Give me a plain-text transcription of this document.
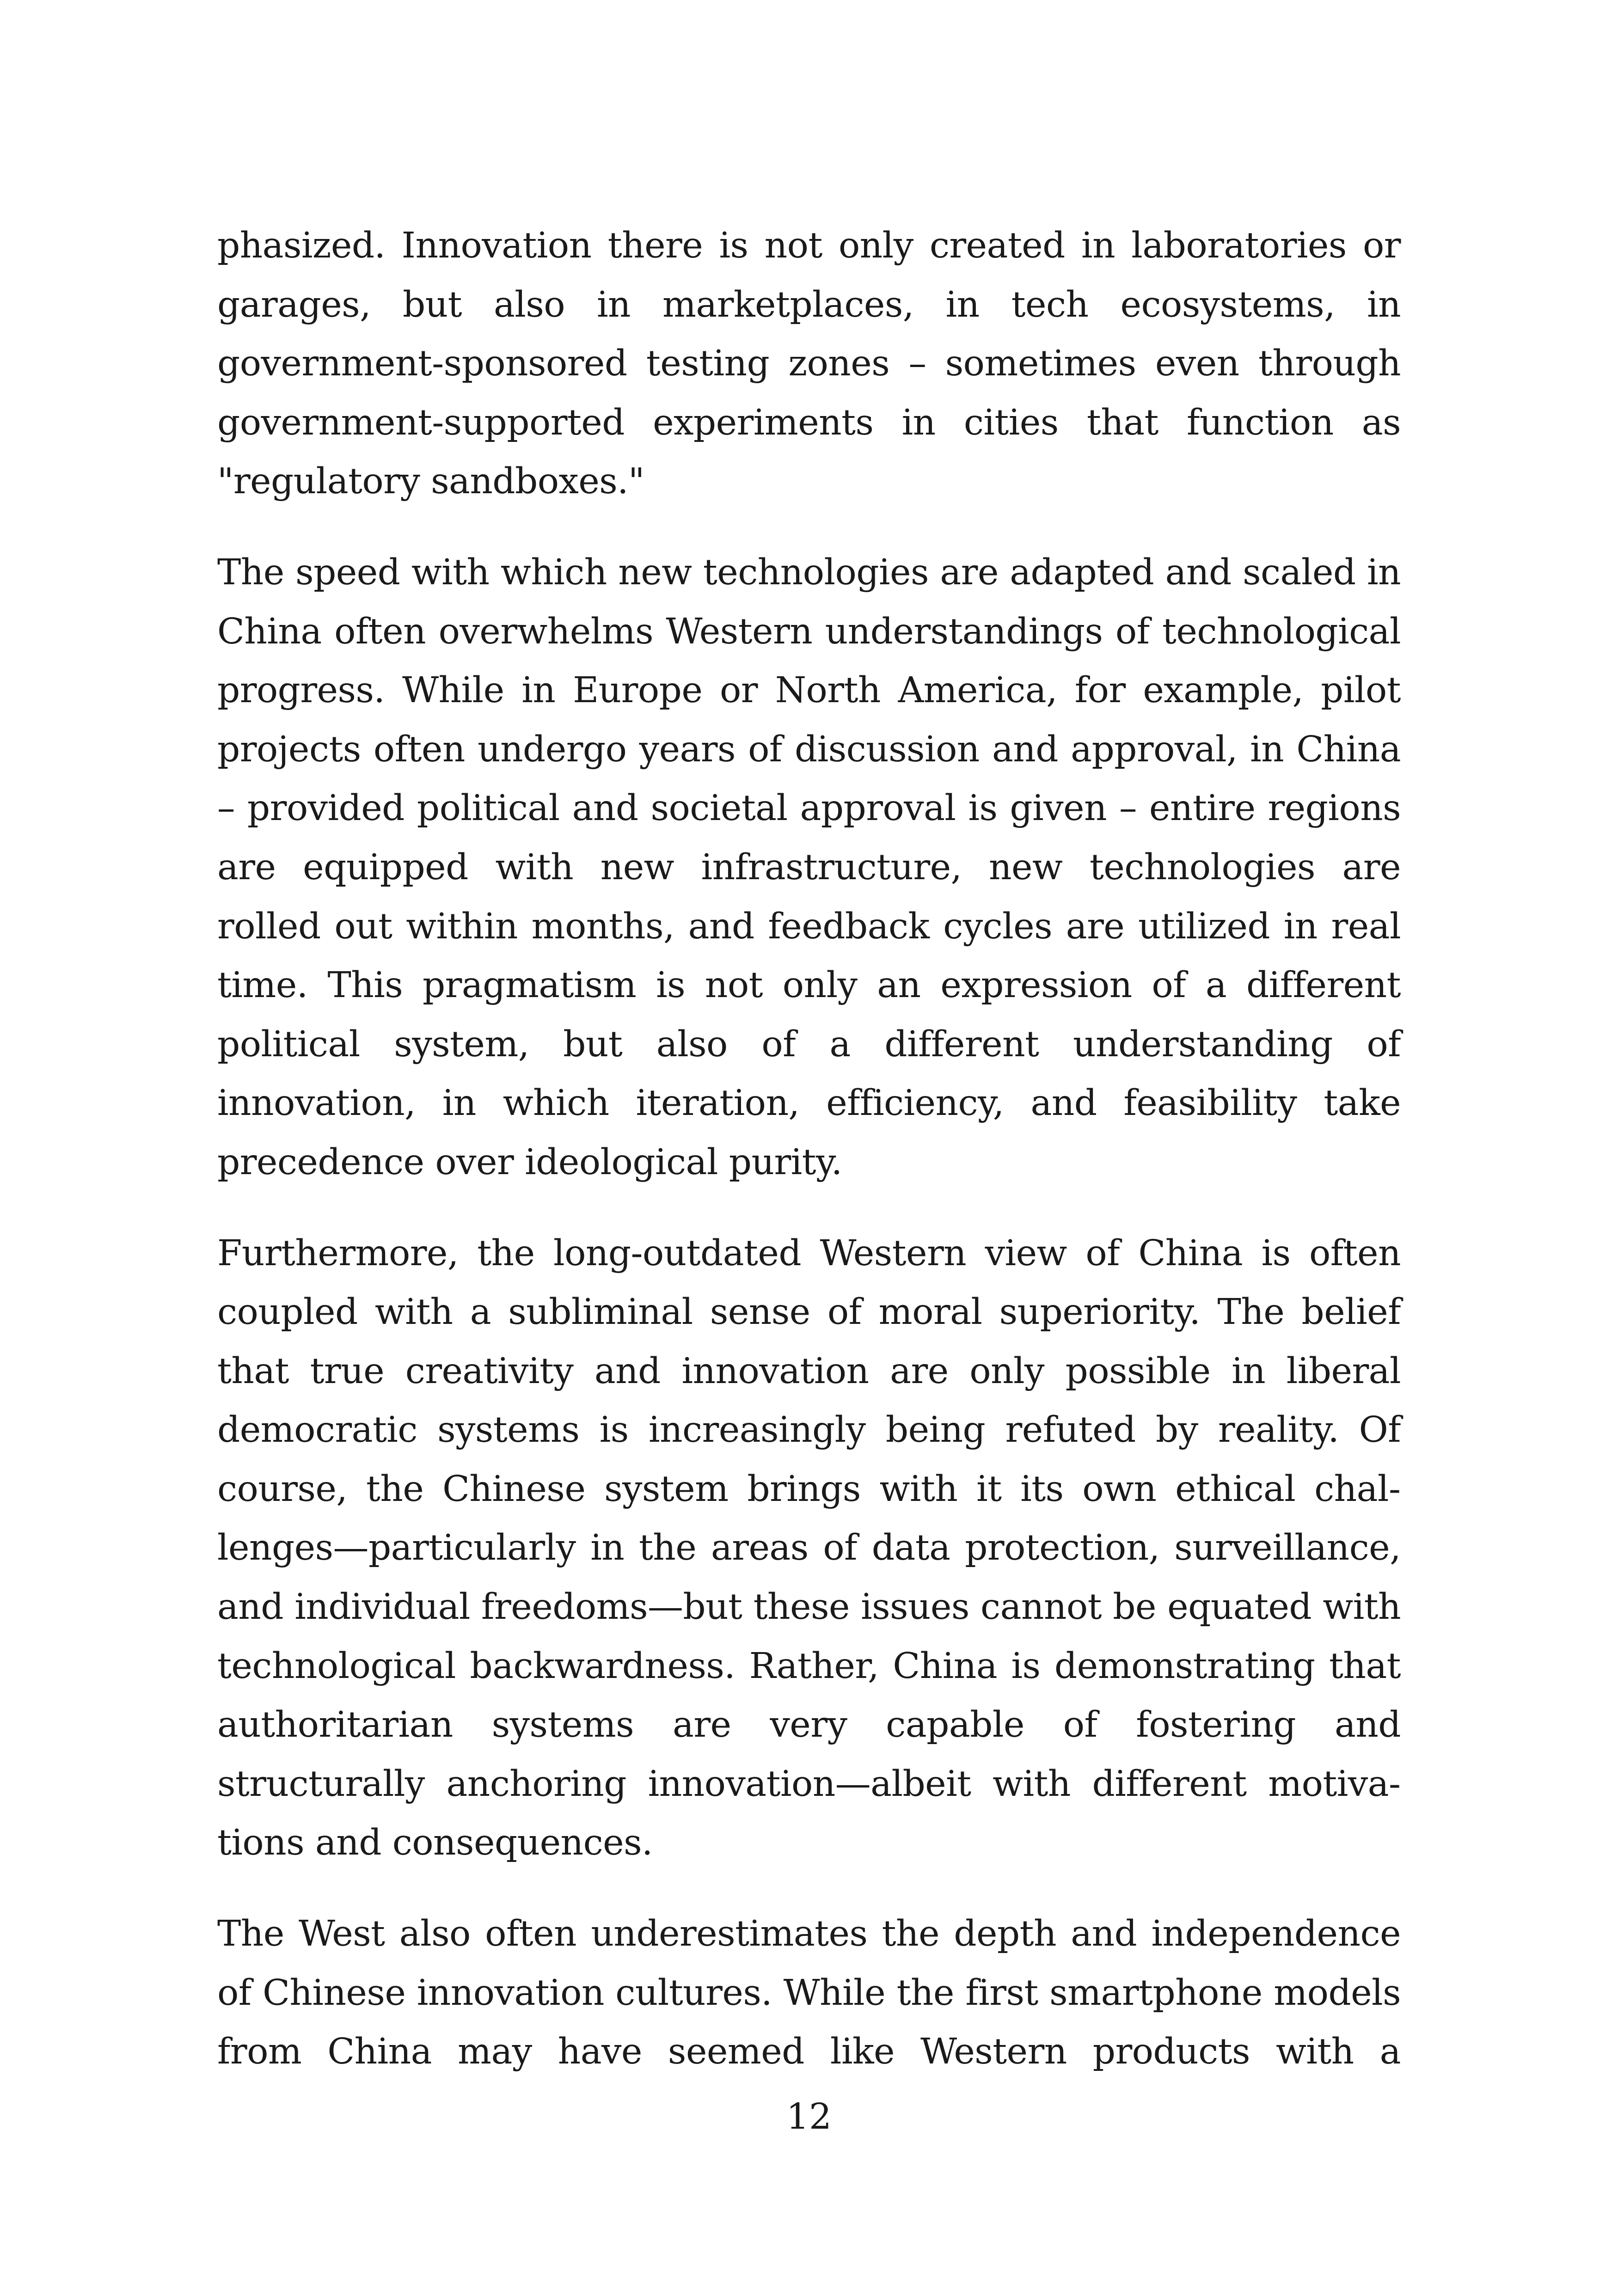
phasized. Innovation there is not only created in laboratories or garages, but also in marketplaces, in tech ecosystems, in government-sponsored testing zones – sometimes even through government-supported experiments in cities that function as "regulatory sandboxes."

The speed with which new technologies are adapted and scaled in China often overwhelms Western understandings of technological progress. While in Europe or North America, for example, pilot projects often undergo years of discussion and approval, in China – provided political and societal approval is given – entire regions are equipped with new infrastructure, new technologies are rolled out within months, and feedback cycles are utilized in real time. This pragmatism is not only an expression of a different political system, but also of a different understanding of innovation, in which iteration, efficiency, and feasibility take precedence over ideological purity.

Furthermore, the long-outdated Western view of China is often coupled with a subliminal sense of moral superiority. The belief that true creativity and innovation are only possible in liberal democratic systems is increasingly being refuted by reality. Of course, the Chinese system brings with it its own ethical challenges—particularly in the areas of data protection, surveillance, and individual freedoms—but these issues cannot be equated with technological backwardness. Rather, China is demonstrating that authoritarian systems are very capable of fostering and structurally anchoring innovation—albeit with different motivations and consequences.

The West also often underestimates the depth and independence of Chinese innovation cultures. While the first smartphone models from China may have seemed like Western products with a

12
